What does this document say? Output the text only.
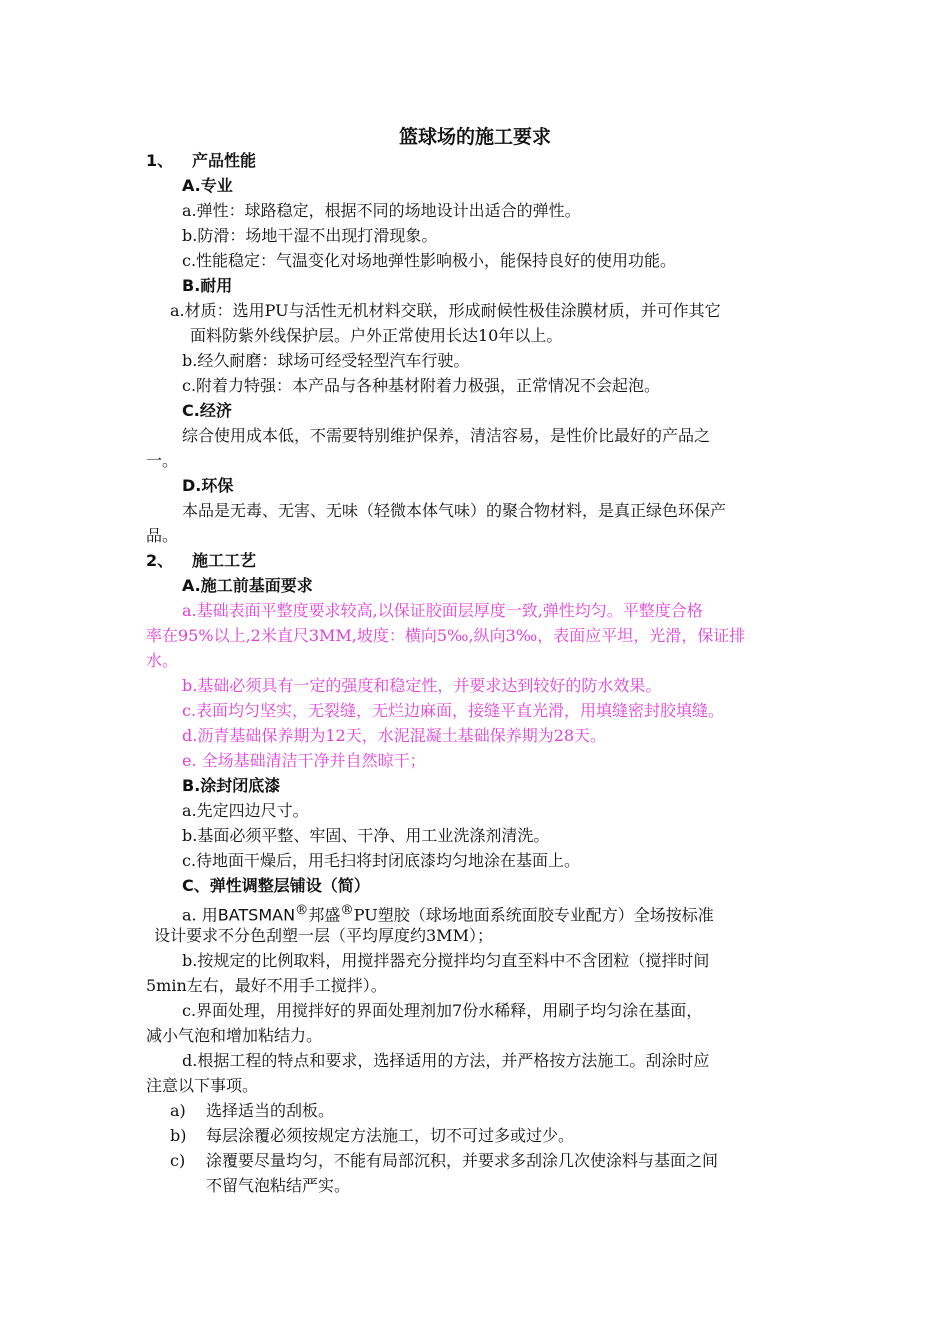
篮球场的施工要求
1、 产品性能
A.专业
a.弹性：球路稳定，根据不同的场地设计出适合的弹性。
b.防滑：场地干湿不出现打滑现象。
c.性能稳定：气温变化对场地弹性影响极小，能保持良好的使用功能。
B.耐用
a.材质：选用PU与活性无机材料交联，形成耐候性极佳涂膜材质，并可作其它
面料防紫外线保护层。户外正常使用长达10年以上。
b.经久耐磨：球场可经受轻型汽车行驶。
c.附着力特强：本产品与各种基材附着力极强，正常情况不会起泡。
C.经济
综合使用成本低，不需要特别维护保养，清洁容易，是性价比最好的产品之
一。
D.环保
本品是无毒、无害、无味（轻微本体气味）的聚合物材料，是真正绿色环保产
品。
2、 施工工艺
A.施工前基面要求
a.基础表面平整度要求较高,以保证胶面层厚度一致,弹性均匀。平整度合格
率在95%以上,2米直尺3MM,坡度：横向5‰,纵向3‰，表面应平坦，光滑，保证排
水。
b.基础必须具有一定的强度和稳定性，并要求达到较好的防水效果。
c.表面均匀坚实，无裂缝，无烂边麻面，接缝平直光滑，用填缝密封胶填缝。
d.沥青基础保养期为12天，水泥混凝土基础保养期为28天。
e. 全场基础清洁干净并自然晾干；
B.涂封闭底漆
a.先定四边尺寸。
b.基面必须平整、牢固、干净、用工业洗涤剂清洗。
c.待地面干燥后，用毛扫将封闭底漆均匀地涂在基面上。
C、弹性调整层铺设（简）
a. 用BATSMAN®邦盛®PU塑胶（球场地面系统面胶专业配方）全场按标准
设计要求不分色刮塑一层（平均厚度约3MM）；
b.按规定的比例取料，用搅拌器充分搅拌均匀直至料中不含团粒（搅拌时间
5min左右，最好不用手工搅拌）。
c.界面处理，用搅拌好的界面处理剂加7份水稀释，用刷子均匀涂在基面，
减小气泡和增加粘结力。
d.根据工程的特点和要求，选择适用的方法，并严格按方法施工。刮涂时应
注意以下事项。
a) 选择适当的刮板。
b) 每层涂覆必须按规定方法施工，切不可过多或过少。
c) 涂覆要尽量均匀，不能有局部沉积，并要求多刮涂几次使涂料与基面之间
不留气泡粘结严实。
